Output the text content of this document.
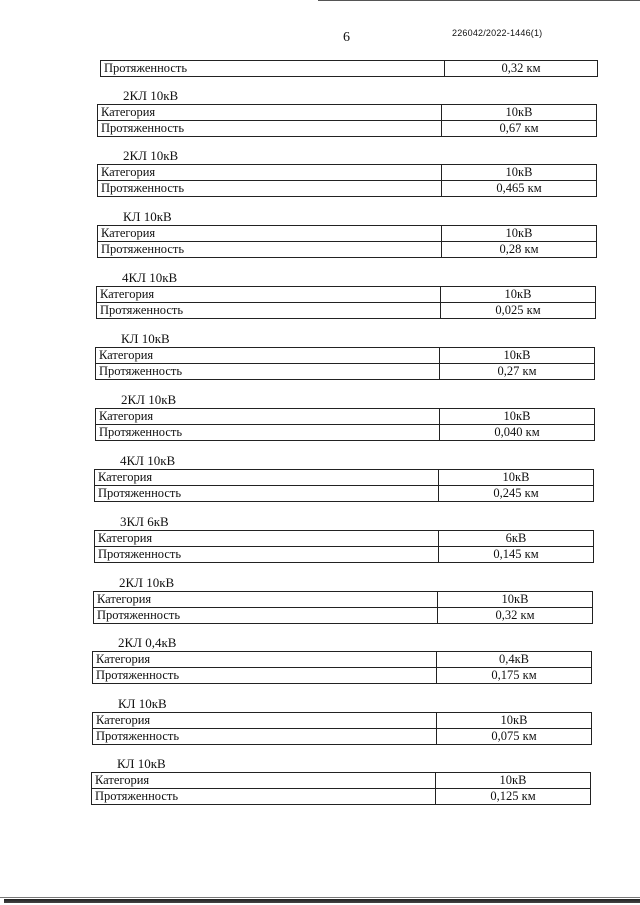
6	226042/2022-1446(1)
Протяженность	0,32 км
2КЛ 10кВ
Категория	10кВ
Протяженность	0,67 км
2КЛ 10кВ
Категория	10кВ
Протяженность	0,465 км
КЛ 10кВ
Категория	10кВ
Протяженность	0,28 км
4КЛ 10кВ
Категория	10кВ
Протяженность	0,025 км
КЛ 10кВ
Категория	10кВ
Протяженность	0,27 км
2КЛ 10кВ
Категория	10кВ
Протяженность	0,040 км
4КЛ 10кВ
Категория	10кВ
Протяженность	0,245 км
3КЛ 6кВ
Категория	6кВ
Протяженность	0,145 км
2КЛ 10кВ
Категория	10кВ
Протяженность	0,32 км
2КЛ 0,4кВ
Категория	0,4кВ
Протяженность	0,175 км
КЛ 10кВ
Категория	10кВ
Протяженность	0,075 км
КЛ 10кВ
Категория	10кВ
Протяженность	0,125 км
